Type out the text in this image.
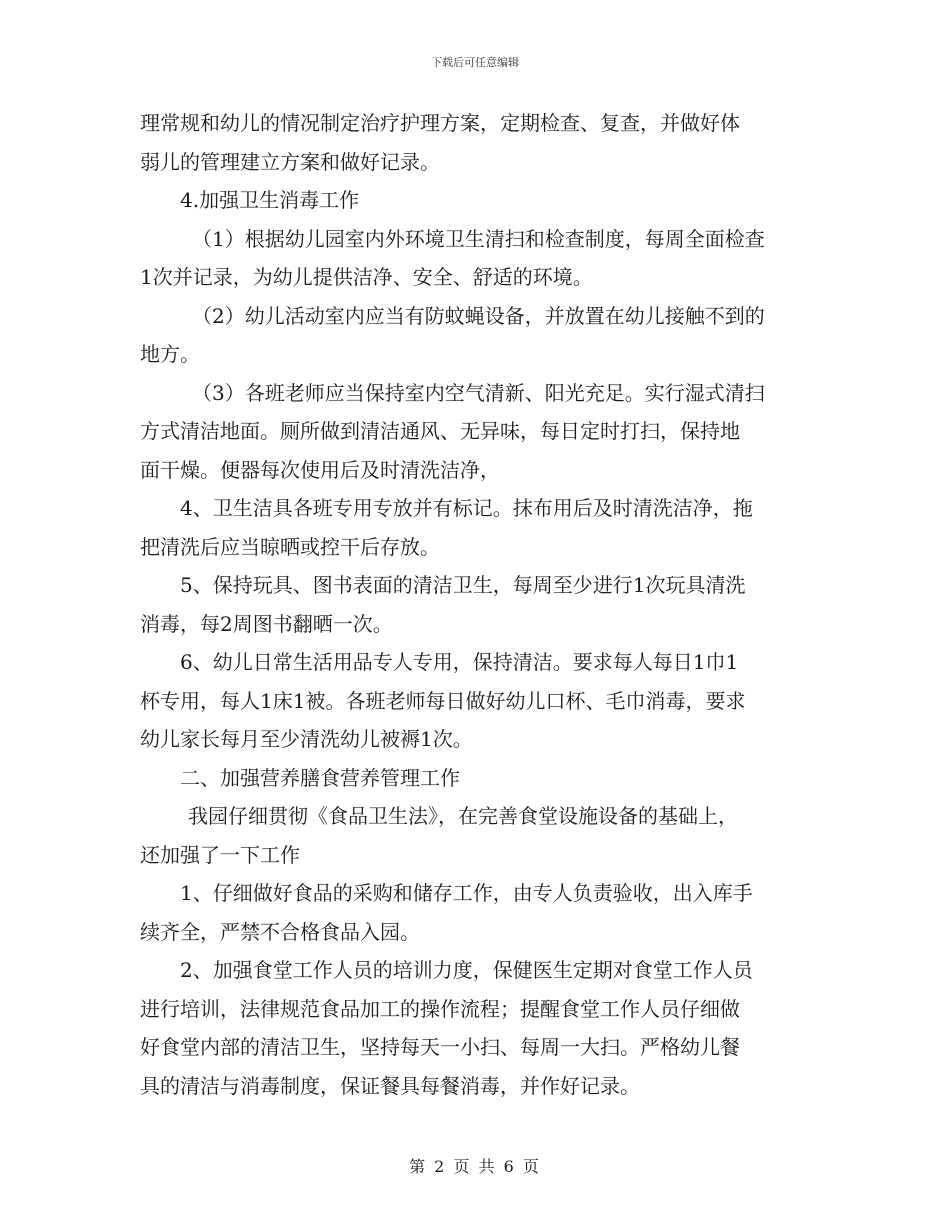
下载后可任意编辑
理常规和幼儿的情况制定治疗护理方案，定期检查、复查，并做好体
弱儿的管理建立方案和做好记录。
4.加强卫生消毒工作
（1）根据幼儿园室内外环境卫生清扫和检查制度，每周全面检查
1次并记录，为幼儿提供洁净、安全、舒适的环境。
（2）幼儿活动室内应当有防蚊蝇设备，并放置在幼儿接触不到的
地方。
（3）各班老师应当保持室内空气清新、阳光充足。实行湿式清扫
方式清洁地面。厕所做到清洁通风、无异味，每日定时打扫，保持地
面干燥。便器每次使用后及时清洗洁净，
4、卫生洁具各班专用专放并有标记。抹布用后及时清洗洁净，拖
把清洗后应当晾晒或控干后存放。
5、保持玩具、图书表面的清洁卫生，每周至少进行1次玩具清洗
消毒，每2周图书翻晒一次。
6、幼儿日常生活用品专人专用，保持清洁。要求每人每日1巾1
杯专用，每人1床1被。各班老师每日做好幼儿口杯、毛巾消毒，要求
幼儿家长每月至少清洗幼儿被褥1次。
二、加强营养膳食营养管理工作
我园仔细贯彻《食品卫生法》，在完善食堂设施设备的基础上，
还加强了一下工作
1、仔细做好食品的采购和储存工作，由专人负责验收，出入库手
续齐全，严禁不合格食品入园。
2、加强食堂工作人员的培训力度，保健医生定期对食堂工作人员
进行培训，法律规范食品加工的操作流程；提醒食堂工作人员仔细做
好食堂内部的清洁卫生，坚持每天一小扫、每周一大扫。严格幼儿餐
具的清洁与消毒制度，保证餐具每餐消毒，并作好记录。
第 2 页 共 6 页
